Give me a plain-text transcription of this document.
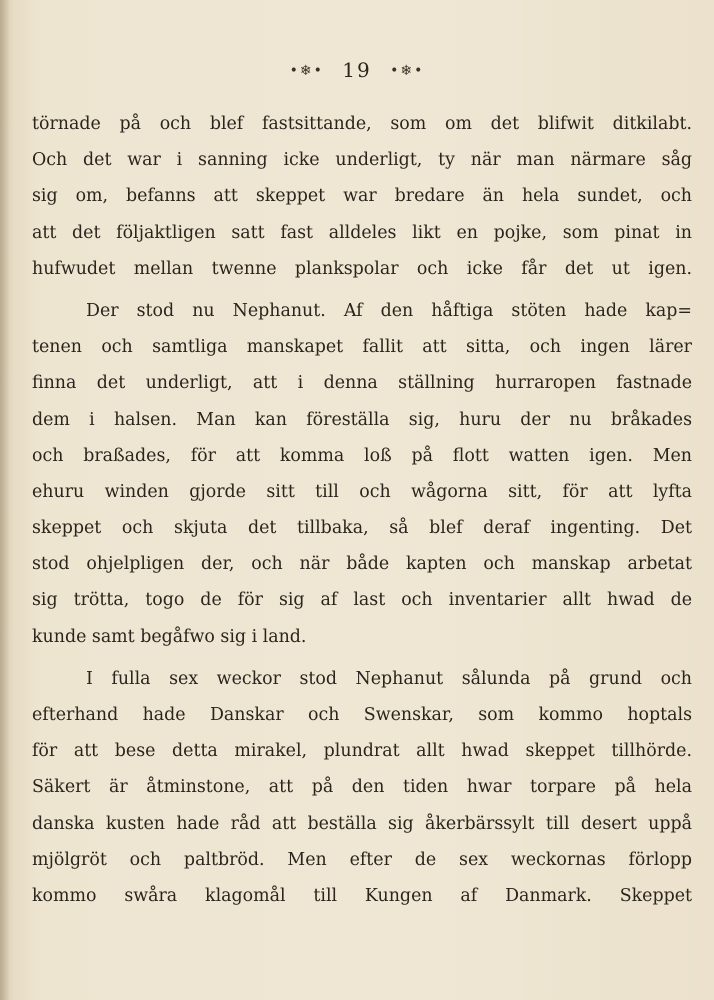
•❄• 19 •❄•
törnade på och blef fastsittande, som om det blifwit ditkilabt.
Och det war i sanning icke underligt, ty när man närmare såg
sig om, befanns att skeppet war bredare än hela sundet, och
att det följaktligen satt fast alldeles likt en pojke, som pinat in
hufwudet mellan twenne plankspolar och icke får det ut igen.
Der stod nu Nephanut. Af den håftiga stöten hade kap=
tenen och samtliga manskapet fallit att sitta, och ingen lärer
finna det underligt, att i denna ställning hurraropen fastnade
dem i halsen. Man kan föreställa sig, huru der nu bråkades
och braßades, för att komma loß på flott watten igen. Men
ehuru winden gjorde sitt till och wågorna sitt, för att lyfta
skeppet och skjuta det tillbaka, så blef deraf ingenting. Det
stod ohjelpligen der, och när både kapten och manskap arbetat
sig trötta, togo de för sig af last och inventarier allt hwad de
kunde samt begåfwo sig i land.
I fulla sex weckor stod Nephanut sålunda på grund och
efterhand hade Danskar och Swenskar, som kommo hoptals
för att bese detta mirakel, plundrat allt hwad skeppet tillhörde.
Säkert är åtminstone, att på den tiden hwar torpare på hela
danska kusten hade råd att beställa sig åkerbärssylt till desert uppå
mjölgröt och paltbröd. Men efter de sex weckornas förlopp
kommo swåra klagomål till Kungen af Danmark. Skeppet
